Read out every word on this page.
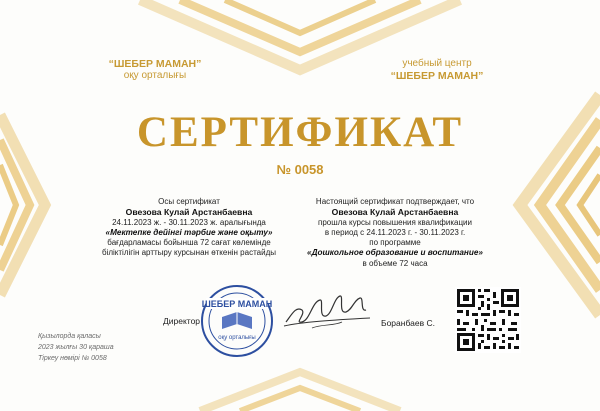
“ШЕБЕР МАМАН”
оқу орталығы
учебный центр
“ШЕБЕР МАМАН”
СЕРТИФИКАТ
№ 0058
Осы сертификат
Овезова Кулай Арстанбаевна
24.11.2023 ж. - 30.11.2023 ж. аралығында
«Мектепке дейінгі тәрбие және оқыту»
бағдарламасы бойынша 72 сағат көлемінде
біліктілігін арттыру курсынан өткенін растайды
Настоящий сертификат подтверждает, что
Овезова Кулай Арстанбаевна
прошла курсы повышения квалификации
в период с 24.11.2023 г. - 30.11.2023 г.
по программе
«Дошкольное образование и воспитание»
в объеме 72 часа
Директор
ШЕБЕР МАМАН
оқу орталығы
Боранбаев С.
Қызылорда қаласы
2023 жылғы 30 қараша
Тіркеу нөмірі № 0058
